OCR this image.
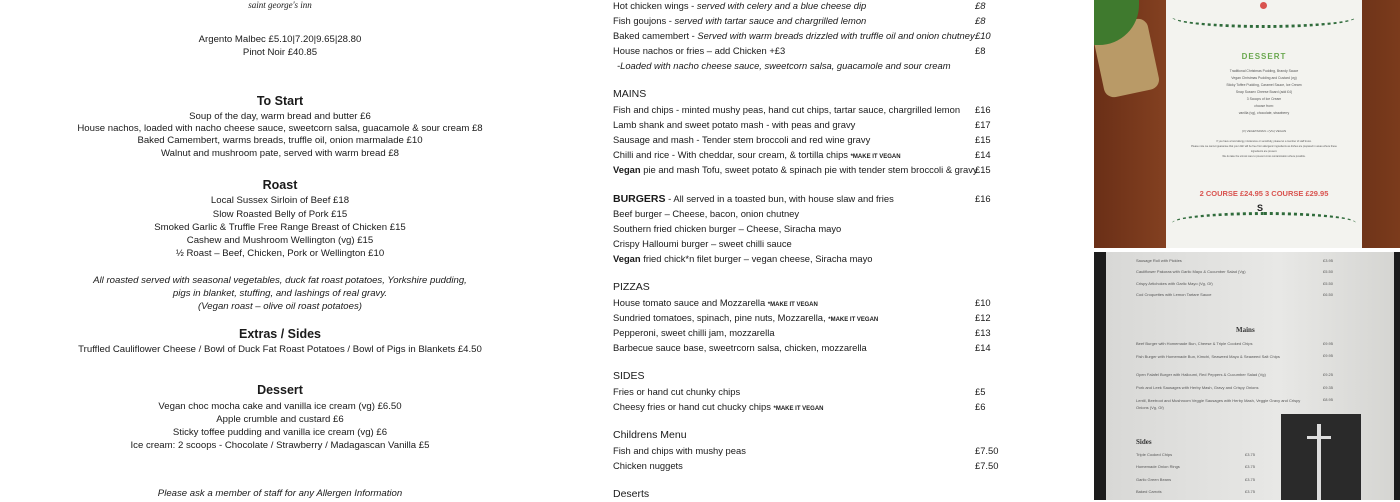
saint george's inn
Argento Malbec £5.10|7.20|9.65|28.80
Pinot Noir £40.85
To Start
Soup of the day, warm bread and butter £6
House nachos, loaded with nacho cheese sauce, sweetcorn salsa, guacamole & sour cream £8
Baked Camembert, warms breads, truffle oil, onion marmalade £10
Walnut and mushroom pate, served with warm bread £8
Roast
Local Sussex Sirloin of Beef £18
Slow Roasted Belly of Pork £15
Smoked Garlic & Truffle Free Range Breast of Chicken £15
Cashew and Mushroom Wellington (vg) £15
½ Roast – Beef, Chicken, Pork or Wellington £10
All roasted served with seasonal vegetables, duck fat roast potatoes, Yorkshire pudding,
pigs in blanket, stuffing, and lashings of real gravy.
(Vegan roast – olive oil roast potatoes)
Extras / Sides
Truffled Cauliflower Cheese / Bowl of Duck Fat Roast Potatoes / Bowl of Pigs in Blankets £4.50
Dessert
Vegan choc mocha cake and vanilla ice cream (vg) £6.50
Apple crumble and custard £6
Sticky toffee pudding and vanilla ice cream (vg) £6
Ice cream: 2 scoops - Chocolate / Strawberry / Madagascan Vanilla £5
Please ask a member of staff for any Allergen Information
Hot chicken wings - served with celery and a blue cheese dip	£8
Fish goujons - served with tartar sauce and chargrilled lemon	£8
Baked camembert - Served with warm breads drizzled with truffle oil and onion chutney £10
House nachos or fries – add Chicken +£3	£8
-Loaded with nacho cheese sauce, sweetcorn salsa, guacamole and sour cream
MAINS
Fish and chips - minted mushy peas, hand cut chips, tartar sauce, chargrilled lemon £16
Lamb shank and sweet potato mash - with peas and gravy	£17
Sausage and mash - Tender stem broccoli and red wine gravy	£15
Chilli and rice - With cheddar, sour cream, & tortilla chips *MAKE IT VEGAN	£14
Vegan pie and mash Tofu, sweet potato & spinach pie with tender stem broccoli & gravy
£15
BURGERS - All served in a toasted bun, with house slaw and fries	£16
Beef burger – Cheese, bacon, onion chutney
Southern fried chicken burger – Cheese, Siracha mayo
Crispy Halloumi burger – sweet chilli sauce
Vegan fried chick*n filet burger – vegan cheese, Siracha mayo
PIZZAS
House tomato sauce and Mozzarella *MAKE IT VEGAN	£10
Sundried tomatoes, spinach, pine nuts, Mozzarella, *MAKE IT VEGAN	£12
Pepperoni, sweet chilli jam, mozzarella	£13
Barbecue sauce base, sweetrcorn salsa, chicken, mozzarella	£14
SIDES
Fries or hand cut chunky chips	£5
Cheesy fries or hand cut chucky chips *MAKE IT VEGAN	£6
Childrens Menu
Fish and chips with mushy peas	£7.50
Chicken nuggets	£7.50
Deserts
DESSERT
Traditional Christmas Pudding, Brandy Sauce
Vegan Christmas Pudding and Custard (vg)
Sticky Toffee Pudding, Caramel Sauce, Ice Cream
Snap Sussex Cheese Board (add £4)
3 Scoops of Ice Cream
choose from:
vanilla (vg), chocolate, strawberry
(V) VEGETARIAN • (VG) VEGAN
If you have a food allergy, intolerance or sensitivity, please let a member of staff know.
Please note we cannot guarantee that your dish will be free from allergenic ingredients as dishes are prepared in areas where these ingredients are present.
We do take the utmost care to prevent cross contamination where possible.
2 COURSE £24.95 3 COURSE £29.95
S
Sausage Roll with Pickles	£3.95
Cauliflower Pakoras with Garlic Mayo & Cucumber Salad (Vg)	£5.50
Crispy Artichokes with Garlic Mayo (Vg, Gf)	£5.50
Cod Croquettes with Lemon Tartare Sauce	£6.50
Mains
Beef Burger with Homemade Bun, Cheese & Triple Cooked Chips	£9.95
Fish Burger with Homemade Bun, Kimchi, Seaweed Mayo & Seaweed Salt Chips	£9.95
Open Falafel Burger with Halloumi, Red Peppers & Cucumber Salad (Vg)	£9.25
Pork and Leek Sausages with Herby Mash, Gravy and Crispy Onions	£9.35
Lentil, Beetroot and Mushroom Veggie Sausages with Herby Mash, Veggie Gravy and Crispy Onions (Vg, Gf)
£8.95
Sides
Triple Cooked Chips	£3.75
Homemade Onion Rings	£3.75
Garlic Green Beans	£3.75
Baked Carrots	£3.75
